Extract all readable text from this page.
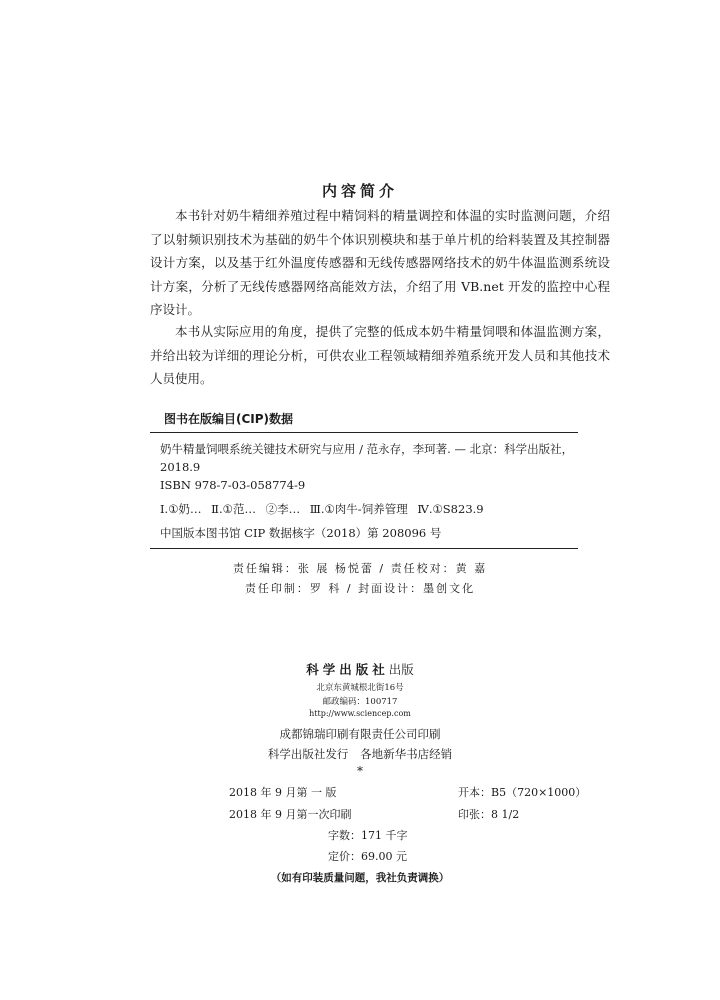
内容简介

本书针对奶牛精细养殖过程中精饲料的精量调控和体温的实时监测问题，介绍了以射频识别技术为基础的奶牛个体识别模块和基于单片机的给料装置及其控制器设计方案，以及基于红外温度传感器和无线传感器网络技术的奶牛体温监测系统设计方案，分析了无线传感器网络高能效方法，介绍了用 VB.net 开发的监控中心程序设计。

本书从实际应用的角度，提供了完整的低成本奶牛精量饲喂和体温监测方案，并给出较为详细的理论分析，可供农业工程领域精细养殖系统开发人员和其他技术人员使用。

图书在版编目(CIP)数据

奶牛精量饲喂系统关键技术研究与应用 / 范永存，李珂著. — 北京：科学出版社，2018.9

ISBN 978-7-03-058774-9

Ⅰ.①奶… Ⅱ.①范… ②李… Ⅲ.①肉牛-饲养管理 Ⅳ.①S823.9

中国版本图书馆 CIP 数据核字（2018）第 208096 号

责任编辑：张 展 杨悦蕾 / 责任校对：黄 嘉
责任印制：罗 科 / 封面设计：墨创文化
科学出版社出版
北京东黄城根北街16号
邮政编码：100717
http://www.sciencep.com
成都锦瑞印刷有限责任公司印刷
科学出版社发行 各地新华书店经销
*
2018 年 9 月第 一 版	开本：B5（720×1000）
2018 年 9 月第一次印刷	印张：8 1/2
字数：171 千字
定价：69.00 元
（如有印装质量问题，我社负责调换）
